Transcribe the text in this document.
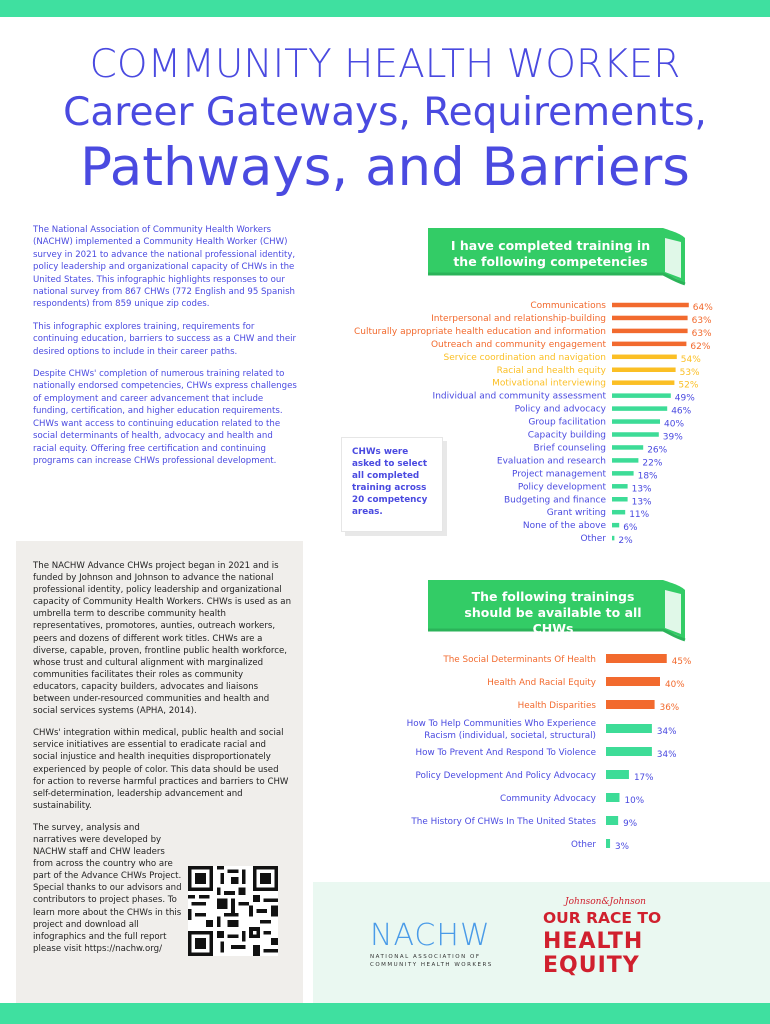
COMMUNITY HEALTH WORKER
Career Gateways, Requirements,
Pathways, and Barriers

The National Association of Community Health Workers (NACHW) implemented a Community Health Worker (CHW) survey in 2021 to advance the national professional identity, policy leadership and organizational capacity of CHWs in the United States. This infographic highlights responses to our national survey from 867 CHWs (772 English and 95 Spanish respondents) from 859 unique zip codes.

This infographic explores training, requirements for continuing education, barriers to success as a CHW and their desired options to include in their career paths.

Despite CHWs' completion of numerous training related to nationally endorsed competencies, CHWs express challenges of employment and career advancement that include funding, certification, and higher education requirements. CHWs want access to continuing education related to the social determinants of health, advocacy and health and racial equity. Offering free certification and continuing programs can increase CHWs professional development.

The NACHW Advance CHWs project began in 2021 and is funded by Johnson and Johnson to advance the national professional identity, policy leadership and organizational capacity of Community Health Workers. CHWs is used as an umbrella term to describe community health representatives, promotores, aunties, outreach workers, peers and dozens of different work titles. CHWs are a diverse, capable, proven, frontline public health workforce, whose trust and cultural alignment with marginalized communities facilitates their roles as community educators, capacity builders, advocates and liaisons between under-resourced communities and health and social services systems (APHA, 2014).

CHWs' integration within medical, public health and social service initiatives are essential to eradicate racial and social injustice and health inequities disproportionately experienced by people of color. This data should be used for action to reverse harmful practices and barriers to CHW self-determination, leadership advancement and sustainability.

The survey, analysis and narratives were developed by NACHW staff and CHW leaders from across the country who are part of the Advance CHWs Project. Special thanks to our advisors and contributors to project phases. To learn more about the CHWs in this project and download all infographics and the full report please visit https://nachw.org/

I have completed training in the following competencies
The following trainings should be available to all CHWs
CHWs were asked to select all completed training across 20 competency areas.
Communications	64%
Interpersonal and relationship-building	63%
Culturally appropriate health education and information	63%
Outreach and community engagement	62%
Service coordination and navigation	54%
Racial and health equity	53%
Motivational interviewing	52%
Individual and community assessment	49%
Policy and advocacy	46%
Group facilitation	40%
Capacity building	39%
Brief counseling	26%
Evaluation and research	22%
Project management	18%
Policy development	13%
Budgeting and finance	13%
Grant writing	11%
None of the above 6%
Other 2%
The Social Determinants Of Health	45%
Health And Racial Equity	40%
Health Disparities	36%
How To Help Communities Who Experience
Racism (individual, societal, structural)	34%
How To Prevent And Respond To Violence	34%
Policy Development And Policy Advocacy	17%
Community Advocacy	10%
The History Of CHWs In The United States	9%
Other 3%
NACHW
NATIONAL ASSOCIATION OF
COMMUNITY HEALTH WORKERS
Johnson&Johnson
OUR RACE TO
HEALTH
EQUITY
